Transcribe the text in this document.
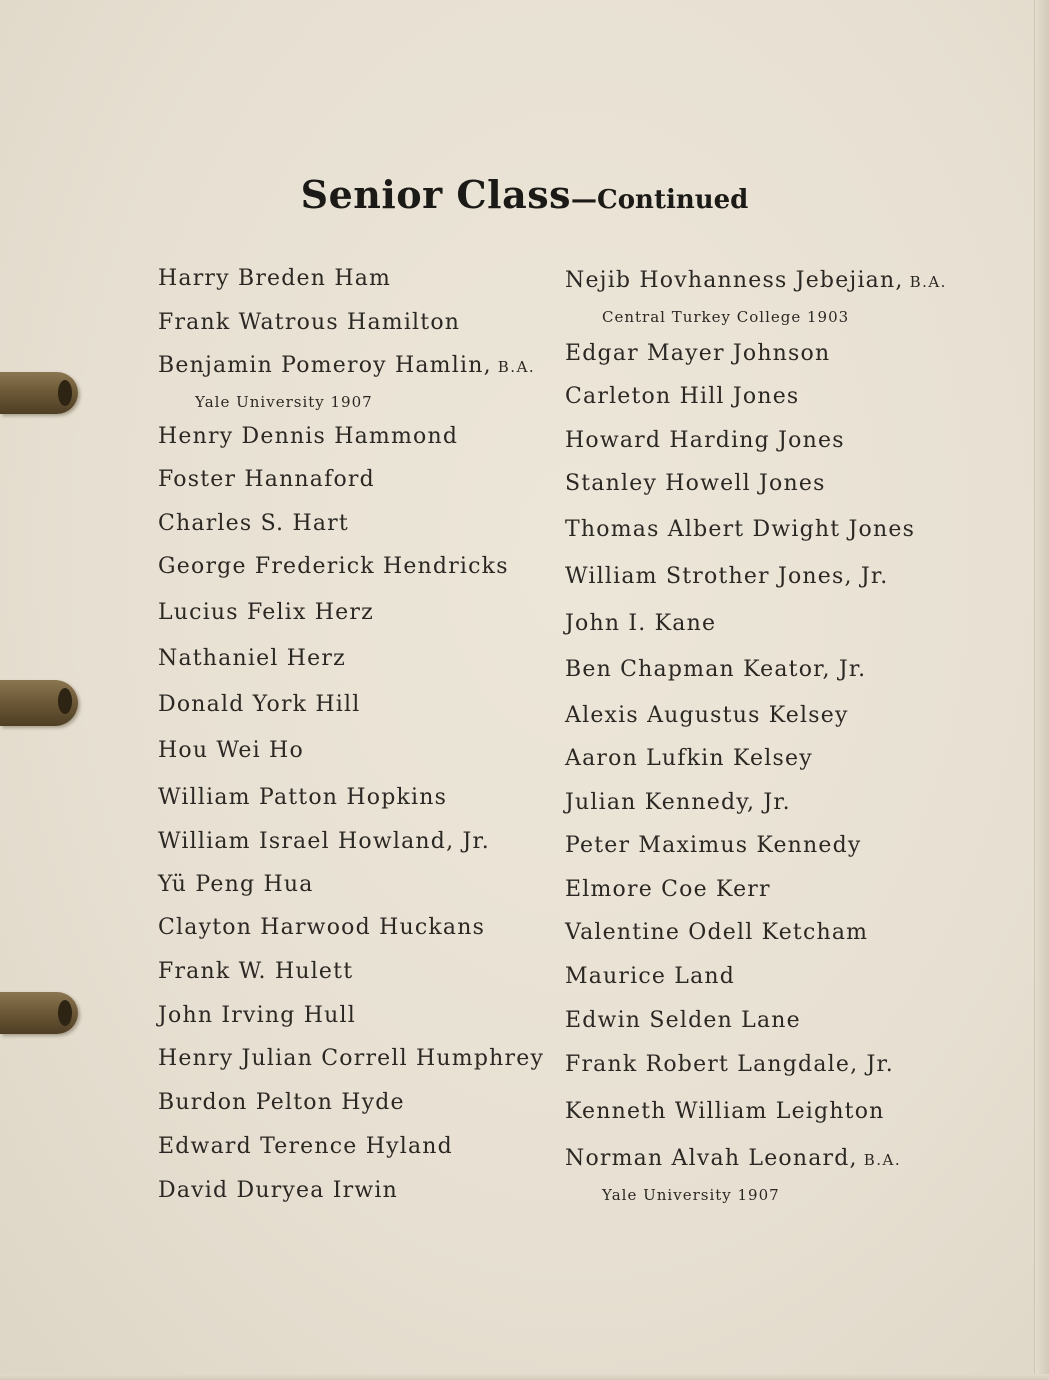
Senior Class—Continued
Harry Breden Ham
Frank Watrous Hamilton
Benjamin Pomeroy Hamlin, B.A.
Yale University 1907
Henry Dennis Hammond
Foster Hannaford
Charles S. Hart
George Frederick Hendricks
Lucius Felix Herz
Nathaniel Herz
Donald York Hill
Hou Wei Ho
William Patton Hopkins
William Israel Howland, Jr.
Yü Peng Hua
Clayton Harwood Huckans
Frank W. Hulett
John Irving Hull
Henry Julian Correll Humphrey
Burdon Pelton Hyde
Edward Terence Hyland
David Duryea Irwin
Nejib Hovhanness Jebejian, B.A.
Central Turkey College 1903
Edgar Mayer Johnson
Carleton Hill Jones
Howard Harding Jones
Stanley Howell Jones
Thomas Albert Dwight Jones
William Strother Jones, Jr.
John I. Kane
Ben Chapman Keator, Jr.
Alexis Augustus Kelsey
Aaron Lufkin Kelsey
Julian Kennedy, Jr.
Peter Maximus Kennedy
Elmore Coe Kerr
Valentine Odell Ketcham
Maurice Land
Edwin Selden Lane
Frank Robert Langdale, Jr.
Kenneth William Leighton
Norman Alvah Leonard, B.A.
Yale University 1907
